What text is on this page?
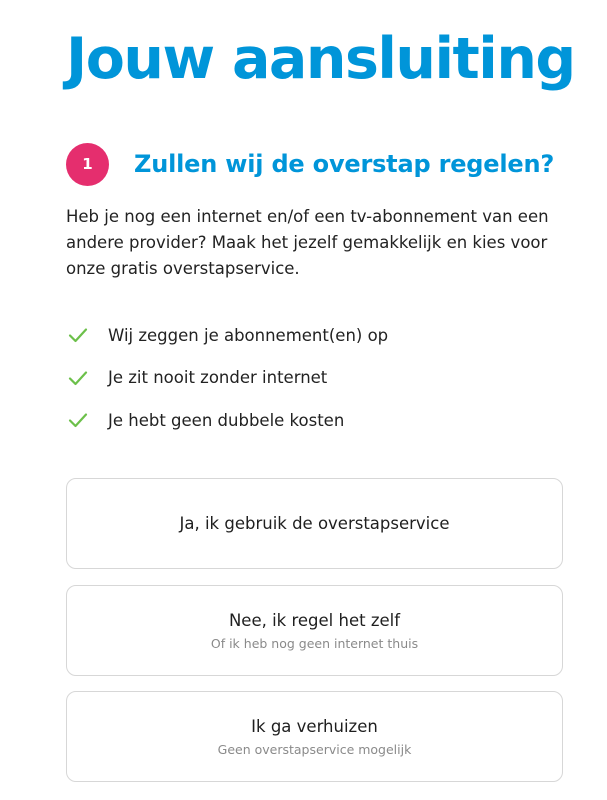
Jouw aansluiting
1	Zullen wij de overstap regelen?

Heb je nog een internet en/of een tv-abonnement van een andere provider? Maak het jezelf gemakkelijk en kies voor onze gratis overstapservice.

Wij zeggen je abonnement(en) op
Je zit nooit zonder internet
Je hebt geen dubbele kosten
Ja, ik gebruik de overstapservice
Nee, ik regel het zelf
Of ik heb nog geen internet thuis
Ik ga verhuizen
Geen overstapservice mogelijk
